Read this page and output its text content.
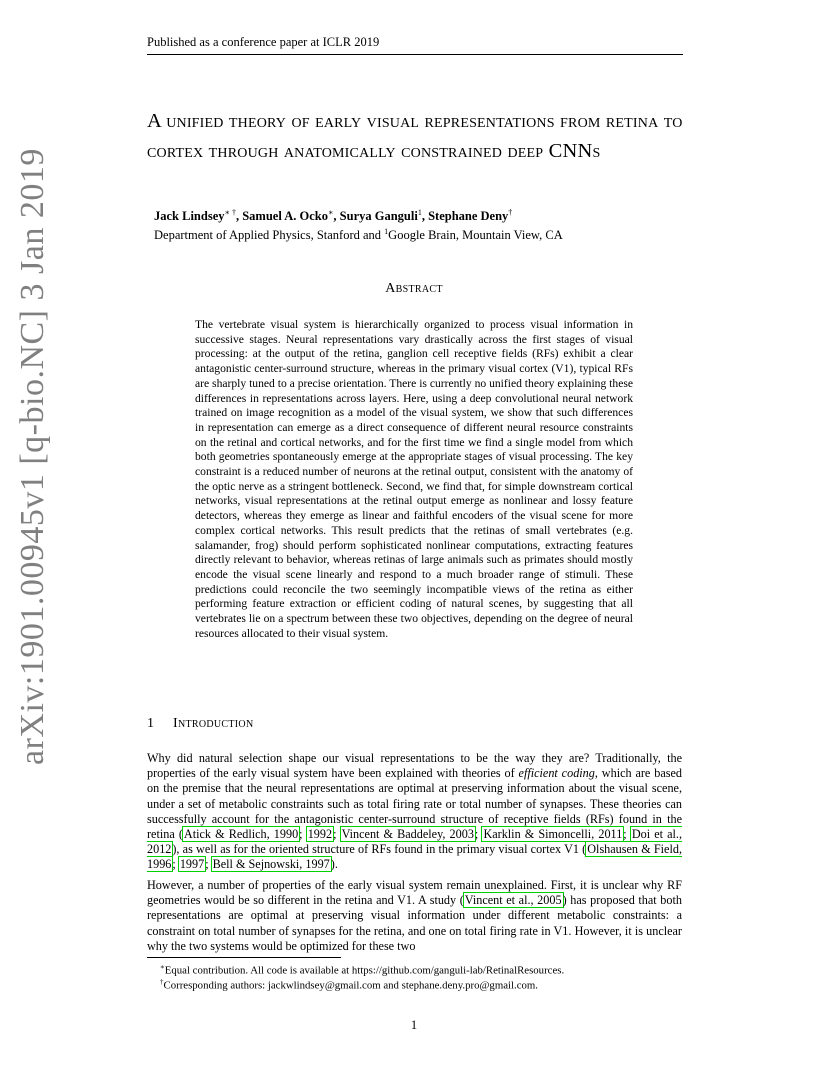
Published as a conference paper at ICLR 2019
A unified theory of early visual representations from retina to cortex through anatomically constrained deep CNNs
Jack Lindsey∗ †, Samuel A. Ocko∗, Surya Ganguli$^1$, Stephane Deny†
Department of Applied Physics, Stanford and $^1$Google Brain, Mountain View, CA
Abstract

The vertebrate visual system is hierarchically organized to process visual information in successive stages. Neural representations vary drastically across the first stages of visual processing: at the output of the retina, ganglion cell receptive fields (RFs) exhibit a clear antagonistic center-surround structure, whereas in the primary visual cortex (V1), typical RFs are sharply tuned to a precise orientation. There is currently no unified theory explaining these differences in representations across layers. Here, using a deep convolutional neural network trained on image recognition as a model of the visual system, we show that such differences in representation can emerge as a direct consequence of different neural resource constraints on the retinal and cortical networks, and for the first time we find a single model from which both geometries spontaneously emerge at the appropriate stages of visual processing. The key constraint is a reduced number of neurons at the retinal output, consistent with the anatomy of the optic nerve as a stringent bottleneck. Second, we find that, for simple downstream cortical networks, visual representations at the retinal output emerge as nonlinear and lossy feature detectors, whereas they emerge as linear and faithful encoders of the visual scene for more complex cortical networks. This result predicts that the retinas of small vertebrates (e.g. salamander, frog) should perform sophisticated nonlinear computations, extracting features directly relevant to behavior, whereas retinas of large animals such as primates should mostly encode the visual scene linearly and respond to a much broader range of stimuli. These predictions could reconcile the two seemingly incompatible views of the retina as either performing feature extraction or efficient coding of natural scenes, by suggesting that all vertebrates lie on a spectrum between these two objectives, depending on the degree of neural resources allocated to their visual system.

1 Introduction

Why did natural selection shape our visual representations to be the way they are? Traditionally, the properties of the early visual system have been explained with theories of efficient coding, which are based on the premise that the neural representations are optimal at preserving information about the visual scene, under a set of metabolic constraints such as total firing rate or total number of synapses. These theories can successfully account for the antagonistic center-surround structure of receptive fields (RFs) found in the retina (Atick & Redlich, 1990; 1992; Vincent & Baddeley, 2003; Karklin & Simoncelli, 2011; Doi et al., 2012), as well as for the oriented structure of RFs found in the primary visual cortex V1 (Olshausen & Field, 1996; 1997; Bell & Sejnowski, 1997).

However, a number of properties of the early visual system remain unexplained. First, it is unclear why RF geometries would be so different in the retina and V1. A study (Vincent et al., 2005) has proposed that both representations are optimal at preserving visual information under different metabolic constraints: a constraint on total number of synapses for the retina, and one on total firing rate in V1. However, it is unclear why the two systems would be optimized for these two

∗Equal contribution. All code is available at https://github.com/ganguli-lab/RetinalResources.
†Corresponding authors: jackwlindsey@gmail.com and stephane.deny.pro@gmail.com.
1
arXiv:1901.00945v1 [q-bio.NC] 3 Jan 2019
